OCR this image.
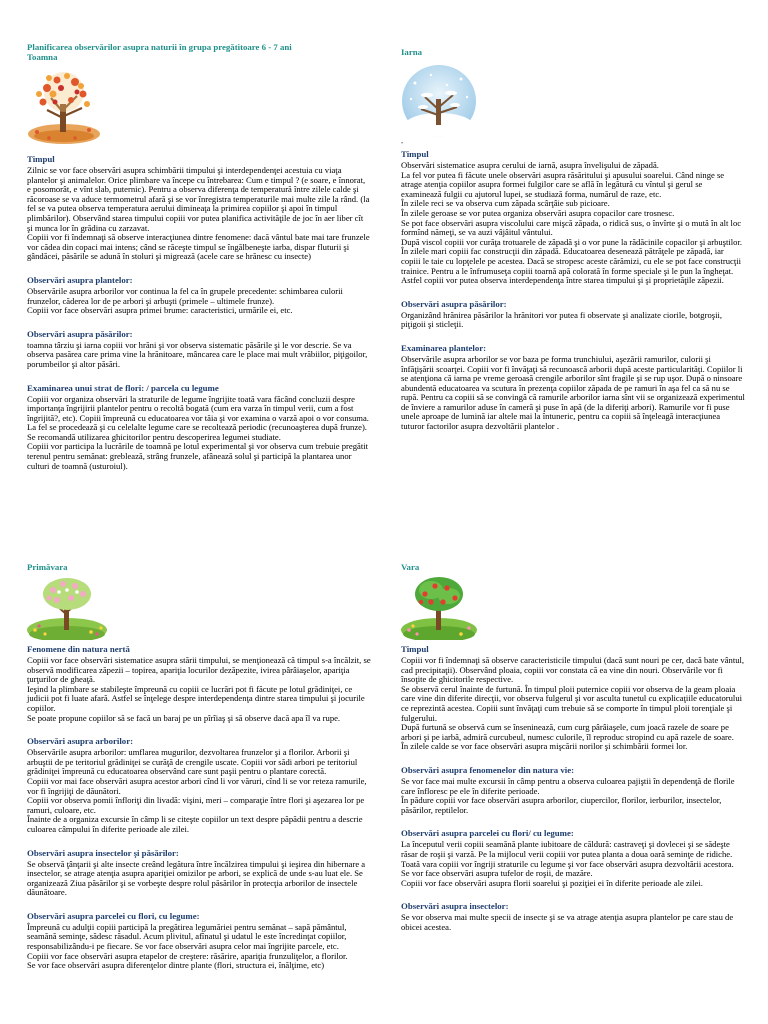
Planificarea observărilor asupra naturii în grupa pregătitoare 6 - 7 ani
Toamna
Timpul

Zilnic se vor face observări asupra schimbării timpului şi interdependenţei acestuia cu viaţa plantelor şi animalelor. Orice plimbare va începe cu întrebarea: Cum e timpul ? (e soare, e înnorat, e posomorât, e vînt slab, puternic). Pentru a observa diferenţa de temperatură între zilele calde şi răcoroase se va aduce termometrul afară şi se vor înregistra temperaturile mai multe zile la rând. (la fel se va putea observa temperatura aerului dimineaţa la primirea copiilor şi apoi în timpul plimbărilor). Observând starea timpului copiii vor putea planifica activităţile de joc în aer liber cît şi munca lor în grădina cu zarzavat.

Copiii vor fi îndemnaţi să observe interacţiunea dintre fenomene: dacă vântul bate mai tare frunzele vor cădea din copaci mai intens; când se răceşte timpul se îngălbeneşte iarba, dispar fluturii şi gândăcei, păsările se adună în stoluri şi migrează (acele care se hrănesc cu insecte)

Observări asupra plantelor:

Observările asupra arborilor vor continua la fel ca în grupele precedente: schimbarea culorii frunzelor, căderea lor de pe arbori şi arbuşti (primele – ultimele frunze).

Copiii vor face observări asupra primei brume: caracteristici, urmările ei, etc.

Observări asupra păsărilor:

toamna târziu şi iarna copiii vor hrăni şi vor observa sistematic păsările şi le vor descrie. Se va observa pasărea care prima vine la hrănitoare, mâncarea care le place mai mult vrăbiilor, piţigoilor, porumbeilor şi altor păsări.

Examinarea unui strat de flori: / parcela cu legume

Copiii vor organiza observări la straturile de legume îngrijite toată vara făcând concluzii despre importanţa îngrijirii plantelor pentru o recoltă bogată (cum era varza în timpul verii, cum a fost îngrijită?, etc). Copiii împreună cu educatoarea vor tăia şi vor examina o varză apoi o vor consuma. La fel se procedează şi cu celelalte legume care se recoltează periodic (recunoaşterea după frunze). Se recomandă utilizarea ghicitorilor pentru descoperirea legumei studiate.

Copiii vor participa la lucrările de toamnă pe lotul experimental şi vor observa cum trebuie pregătit terenul pentru semănat: greblează, strâng frunzele, afânează solul şi participă la plantarea unor culturi de toamnă (usturoiul).

Iarna
•
Timpul

Observări sistematice asupra cerului de iarnă, asupra învelişului de zăpadă.

La fel vor putea fi făcute unele observări asupra răsăritului şi apusului soarelui. Când ninge se atrage atenţia copiilor asupra formei fulgilor care se află în legătură cu vîntul şi gerul se examinează fulgii cu ajutorul lupei, se studiază forma, numărul de raze, etc.

În zilele reci se va observa cum zăpada scârţâie sub picioare.

În zilele geroase se vor putea organiza observări asupra copacilor care trosnesc.

Se pot face observări asupra viscolului care mişcă zăpada, o ridică sus, o învîrte şi o mută în alt loc formînd nămeţi, se va auzi vâjâitul vântului.

După viscol copiii vor curăţa trotuarele de zăpadă şi o vor pune la rădăcinile copacilor şi arbuştilor.

În zilele mari copiii fac construcţii din zăpadă. Educatoarea desenează pătrăţele pe zăpadă, iar copiii le taie cu lopţelele pe acestea. Dacă se stropesc aceste cărămizi, cu ele se pot face construcţii trainice. Pentru a le înfrumuseţa copiii toarnă apă colorată în forme speciale şi le pun la îngheţat. Astfel copiii vor putea observa interdependenţa între starea timpului şi şi proprietăţile zăpezii.

Observări asupra păsărilor:

Organizând hrănirea păsărilor la hrănitori vor putea fi observate şi analizate ciorile, botgroşii, piţigoii şi sticleţii.

Examinarea plantelor:

Observările asupra arborilor se vor baza pe forma trunchiului, aşezării ramurilor, culorii şi înfăţişării scoarţei. Copiii vor fi învăţaţi să recunoască arborii după aceste particularităţi. Copiilor li se atenţiona că iarna pe vreme geroasă crengile arborilor sînt fragile şi se rup uşor. După o ninsoare abundentă educatoarea va scutura în prezenţa copiilor zăpada de pe ramuri în aşa fel ca să nu se rupă. Pentru ca copiii să se convingă că ramurile arborilor iarna sînt vii se organizează experimentul de înviere a ramurilor aduse în cameră şi puse în apă (de la diferiţi arbori). Ramurile vor fi puse unele aproape de lumină iar altele mai la întuneric, pentru ca copiii să înţeleagă interacţiunea tuturor factorilor asupra dezvoltării plantelor .

Primăvara
Fenomene din natura nertă

Copiii vor face observări sistematice asupra stării timpului, se menţionează că timpul s-a încălzit, se observă modificarea zăpezii – topirea, apariţia locurilor dezăpezite, ivirea pârâiaşelor, apariţia ţurţurilor de gheaţă.

Ieşind la plimbare se stabileşte împreună cu copiii ce lucrări pot fi făcute pe lotul grădiniţei, ce judicii pot fi luate afară. Astfel se înţelege despre interdependenţa dintre starea timpului şi jocurile copiilor.

Se poate propune copiilor să se facă un baraj pe un pîrîiaş şi să observe dacă apa îl va rupe.

Observări asupra arborilor:

Observările asupra arborilor: umflarea mugurilor, dezvoltarea frunzelor şi a florilor. Arborii şi arbuştii de pe teritoriul grădiniţei se curăţă de crengile uscate. Copiii vor sădi arbori pe teritoriul grădiniţei împreună cu educatoarea observând care sunt paşii pentru o plantare corectă.

Copiii vor mai face observări asupra acestor arbori cînd li vor văruri, cînd li se vor reteza ramurile, vor fi îngrijiţi de dăunători.

Copiii vor observa pomii înfloriţi din livadă: vişini, meri – comparaţie între flori şi aşezarea lor pe ramuri, culoare, etc.

Înainte de a organiza excursie în câmp li se citeşte copiilor un text despre păpădii pentru a descrie culoarea câmpului în diferite perioade ale zilei.

Observări asupra insectelor şi păsărilor:

Se observă ţânţarii şi alte insecte creând legătura între încălzirea timpului şi ieşirea din hibernare a insectelor, se atrage atenţia asupra apariţiei omizilor pe arbori, se explică de unde s-au luat ele. Se organizează Ziua păsărilor şi se vorbeşte despre rolul păsărilor în protecţia arborilor de insectele dăunătoare.

Observări asupra parcelei cu flori, cu legume:

Împreună cu adulţii copiii participă la pregătirea legumăriei pentru semănat – sapă pământul, seamănă seminţe, sădesc răsadul. Acum plivitul, afînatul şi udatul le este încredinţat copiilor, responsabilizându-i pe fiecare. Se vor face observări asupra celor mai îngrijite parcele, etc.

Copiii vor face observări asupra etapelor de creştere: răsărire, apariţia frunzuliţelor, a florilor.

Se vor face observări asupra diferenţelor dintre plante (flori, structura ei, înălţime, etc)

Vara
Timpul

Copiii vor fi îndemnaţi să observe caracteristicile timpului (dacă sunt nouri pe cer, dacă bate vântul, cad precipitaţii). Observând ploaia, copiii vor constata că ea vine din nouri. Observările vor fi însoţite de ghicitorile respective.

Se observă cerul înainte de furtună. În timpul ploii puternice copiii vor observa de la geam ploaia care vine din diferite direcţii, vor observa fulgerul şi vor asculta tunetul cu explicaţiile educatorului ce reprezintă acestea. Copiii sunt învăţaţi cum trebuie să se comporte în timpul ploii torenţiale şi fulgerului.

După furtună se observă cum se înseninează, cum curg pârâiaşele, cum joacă razele de soare pe arbori şi pe iarbă, admiră curcubeul, numesc culorile, îl reproduc stropind cu apă razele de soare.

În zilele calde se vor face observări asupra mişcării norilor şi schimbării formei lor.

Observări asupra fenomenelor din natura vie:

Se vor face mai multe excursii în câmp pentru a observa culoarea pajiştii în dependenţă de florile care înfloresc pe ele în diferite perioade.

În pădure copiii vor face observări asupra arborilor, ciupercilor, florilor, ierburilor, insectelor, păsărilor, reptilelor.

Observări asupra parcelei cu flori/ cu legume:

La începutul verii copiii seamănă plante iubitoare de căldură: castraveţi şi dovlecei şi se sădeşte răsar de roşii şi varză. Pe la mijlocul verii copiii vor putea planta a doua oară seminţe de ridiche.

Toată vara copiii vor îngriji straturile cu legume şi vor face observări asupra dezvoltării acestora.

Se vor face observări asupra tufelor de roşii, de mazăre.

Copiii vor face observări asupra florii soarelui şi poziţiei ei în diferite perioade ale zilei.

Observări asupra insectelor:

Se vor observa mai multe specii de insecte şi se va atrage atenţia asupra plantelor pe care stau de obicei acestea.
